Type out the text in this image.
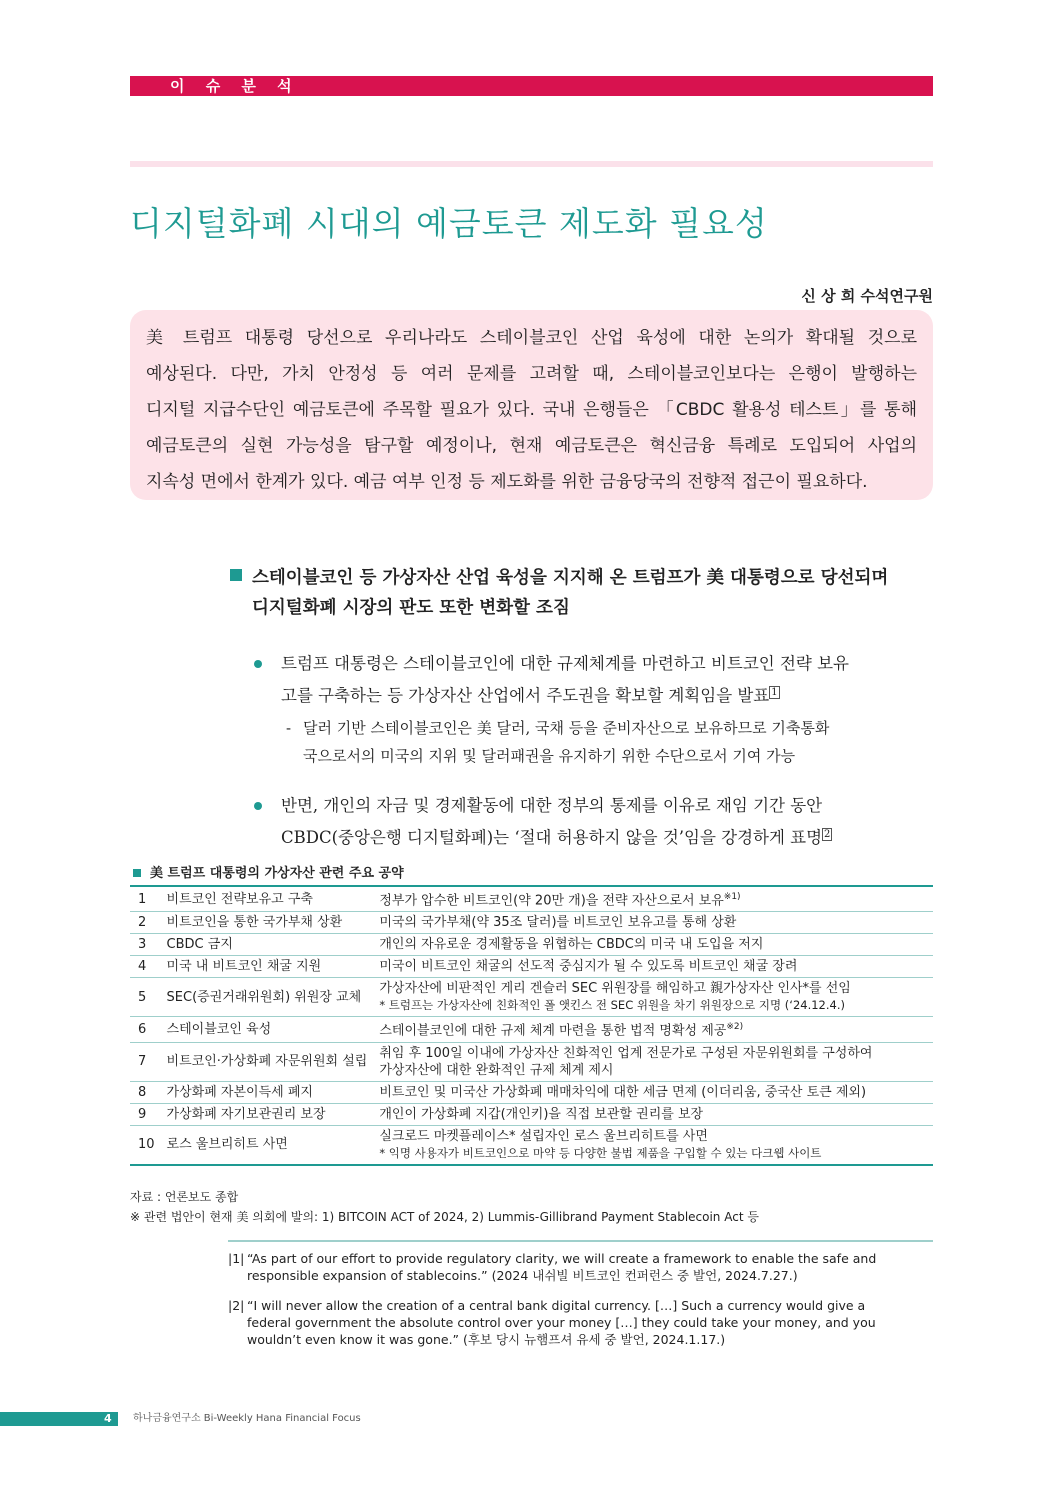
이 슈 분 석
디지털화폐 시대의 예금토큰 제도화 필요성
신 상 희 수석연구원

美 트럼프 대통령 당선으로 우리나라도 스테이블코인 산업 육성에 대한 논의가 확대될 것으로

예상된다. 다만, 가치 안정성 등 여러 문제를 고려할 때, 스테이블코인보다는 은행이 발행하는

디지털 지급수단인 예금토큰에 주목할 필요가 있다. 국내 은행들은 「CBDC 활용성 테스트」를 통해

예금토큰의 실현 가능성을 탐구할 예정이나, 현재 예금토큰은 혁신금융 특례로 도입되어 사업의

지속성 면에서 한계가 있다. 예금 여부 인정 등 제도화를 위한 금융당국의 전향적 접근이 필요하다.

스테이블코인 등 가상자산 산업 육성을 지지해 온 트럼프가 美 대통령으로 당선되며
디지털화폐 시장의 판도 또한 변화할 조짐
트럼프 대통령은 스테이블코인에 대한 규제체계를 마련하고 비트코인 전략 보유
고를 구축하는 등 가상자산 산업에서 주도권을 확보할 계획임을 발표 $^1$
- 달러 기반 스테이블코인은 美 달러, 국채 등을 준비자산으로 보유하므로 기축통화
국으로서의 미국의 지위 및 달러패권을 유지하기 위한 수단으로서 기여 가능
반면, 개인의 자금 및 경제활동에 대한 정부의 통제를 이유로 재임 기간 동안
CBDC(중앙은행 디지털화폐)는 ‘절대 허용하지 않을 것’임을 강경하게 표명 $^2$
美 트럼프 대통령의 가상자산 관련 주요 공약
1	비트코인 전략보유고 구축	정부가 압수한 비트코인(약 20만 개)을 전략 자산으로서 보유$^{※1)}$
2	비트코인을 통한 국가부채 상환	미국의 국가부채(약 35조 달러)를 비트코인 보유고를 통해 상환
3	CBDC 금지	개인의 자유로운 경제활동을 위협하는 CBDC의 미국 내 도입을 저지
4	미국 내 비트코인 채굴 지원	미국이 비트코인 채굴의 선도적 중심지가 될 수 있도록 비트코인 채굴 장려
5	SEC(증권거래위원회) 위원장 교체	가상자산에 비판적인 게리 겐슬러 SEC 위원장를 해임하고 親가상자산 인사*를 선임
* 트럼프는 가상자산에 친화적인 폴 앳킨스 전 SEC 위원을 차기 위원장으로 지명 (‘24.12.4.)

6	스테이블코인 육성	스테이블코인에 대한 규제 체계 마련을 통한 법적 명확성 제공$^{※2)}$
7	비트코인·가상화폐 자문위원회 설립	취임 후 100일 이내에 가상자산 친화적인 업계 전문가로 구성된 자문위원회를 구성하여
가상자산에 대한 완화적인 규제 체계 제시

8	가상화폐 자본이득세 폐지	비트코인 및 미국산 가상화폐 매매차익에 대한 세금 면제 (이더리움, 중국산 토큰 제외)
9	가상화폐 자기보관권리 보장	개인이 가상화폐 지갑(개인키)을 직접 보관할 권리를 보장
10	로스 울브리히트 사면	실크로드 마켓플레이스* 설립자인 로스 울브리히트를 사면
* 익명 사용자가 비트코인으로 마약 등 다양한 불법 제품을 구입할 수 있는 다크웹 사이트
자료 : 언론보도 종합
※ 관련 법안이 현재 美 의회에 발의: 1) BITCOIN ACT of 2024, 2) Lummis-Gillibrand Payment Stablecoin Act 등
|1| “As part of our effort to provide regulatory clarity, we will create a framework to enable the safe and
responsible expansion of stablecoins.” (2024 내쉬빌 비트코인 컨퍼런스 중 발언, 2024.7.27.)
|2| “I will never allow the creation of a central bank digital currency. […] Such a currency would give a
federal government the absolute control over your money […] they could take your money, and you
wouldn’t even know it was gone.” (후보 당시 뉴햄프셔 유세 중 발언, 2024.1.17.)
4 하나금융연구소 Bi-Weekly Hana Financial Focus
